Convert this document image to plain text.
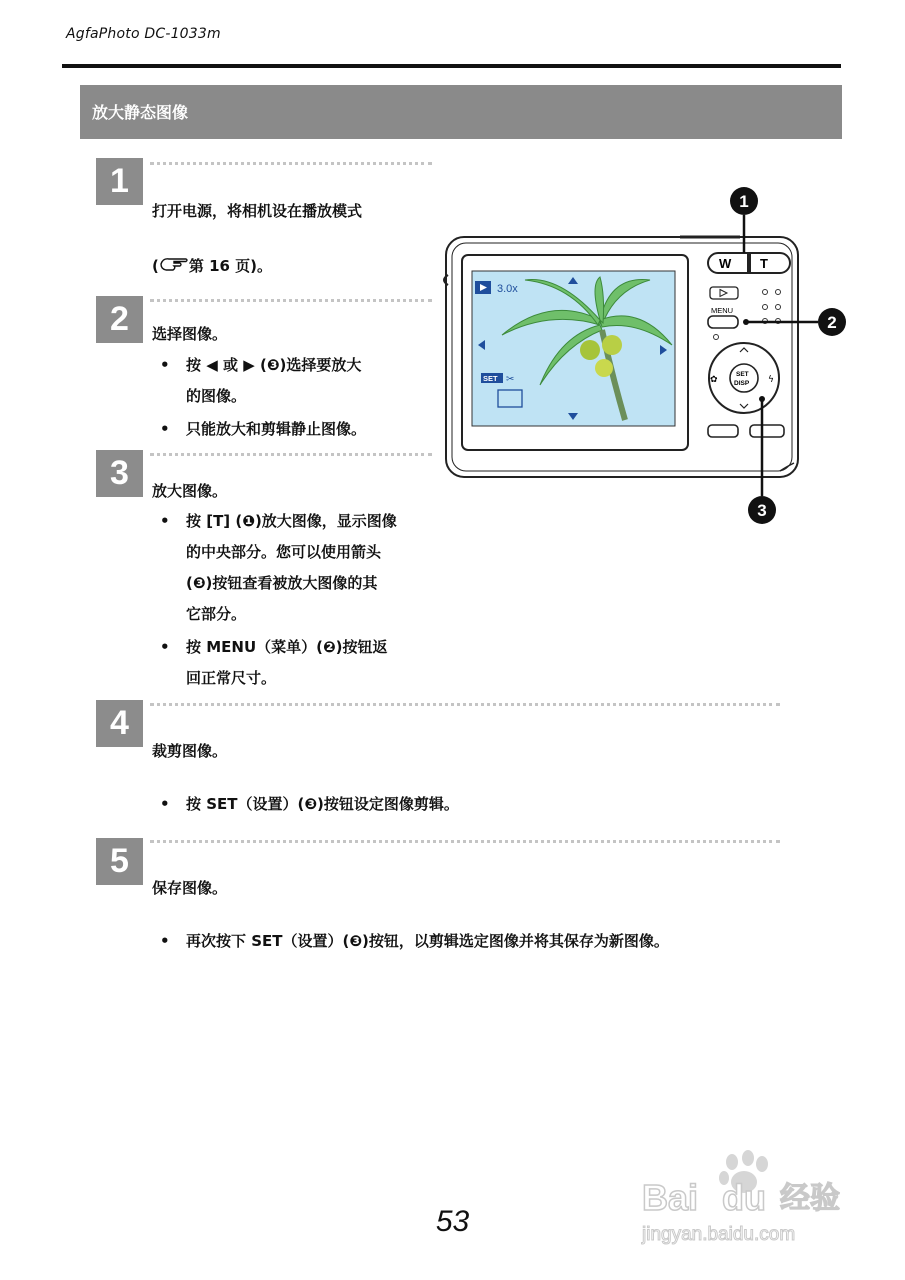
AgfaPhoto DC-1033m
放大静态图像
1
打开电源，将相机设在播放模式
( 第 16 页)。
2	选择图像。
• 按 ◀ 或 ▶ (❸)选择要放大
的图像。
• 只能放大和剪辑静止图像。
3	放大图像。
• 按 [T] (❶)放大图像，显示图像
的中央部分。您可以使用箭头
(❸)按钮查看被放大图像的其
它部分。
• 按 MENU（菜单）(❷)按钮返
回正常尺寸。
4
裁剪图像。
• 按 SET（设置）(❸)按钮设定图像剪辑。
5
保存图像。
• 再次按下 SET（设置）(❸)按钮，以剪辑选定图像并将其保存为新图像。
3.0x
SET ✂
W T
MENU
SET
DISP
✿	ϟ
1
2
3
53
Bai du 经验
jingyan.baidu.com
